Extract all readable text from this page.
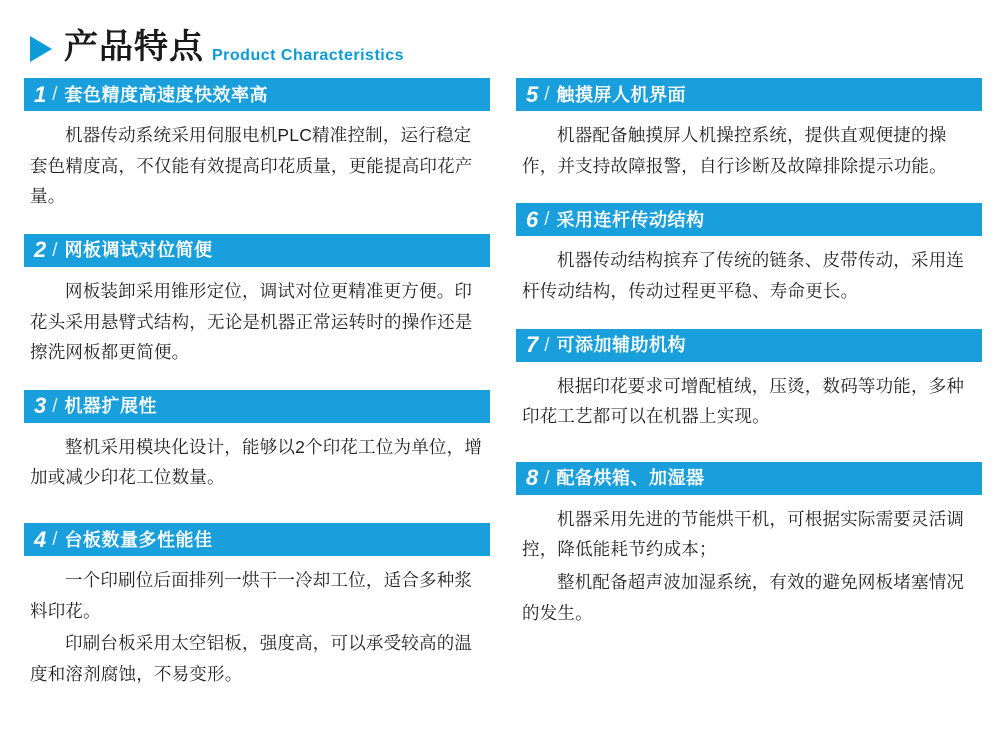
产品特点 Product Characteristics
1 / 套色精度高速度快效率高

机器传动系统采用伺服电机PLC精准控制，运行稳定套色精度高，不仅能有效提高印花质量，更能提高印花产量。

2 / 网板调试对位简便

网板装卸采用锥形定位，调试对位更精准更方便。印花头采用悬臂式结构，无论是机器正常运转时的操作还是擦洗网板都更简便。

3 / 机器扩展性

整机采用模块化设计，能够以2个印花工位为单位，增加或减少印花工位数量。

4 / 台板数量多性能佳

一个印刷位后面排列一烘干一冷却工位，适合多种浆料印花。

印刷台板采用太空铝板，强度高，可以承受较高的温度和溶剂腐蚀，不易变形。

5 / 触摸屏人机界面

机器配备触摸屏人机操控系统，提供直观便捷的操作，并支持故障报警，自行诊断及故障排除提示功能。

6 / 采用连杆传动结构

机器传动结构摈弃了传统的链条、皮带传动，采用连杆传动结构，传动过程更平稳、寿命更长。

7 / 可添加辅助机构

根据印花要求可增配植绒，压烫，数码等功能，多种印花工艺都可以在机器上实现。

8 / 配备烘箱、加湿器

机器采用先进的节能烘干机，可根据实际需要灵活调控，降低能耗节约成本；

整机配备超声波加湿系统，有效的避免网板堵塞情况的发生。
